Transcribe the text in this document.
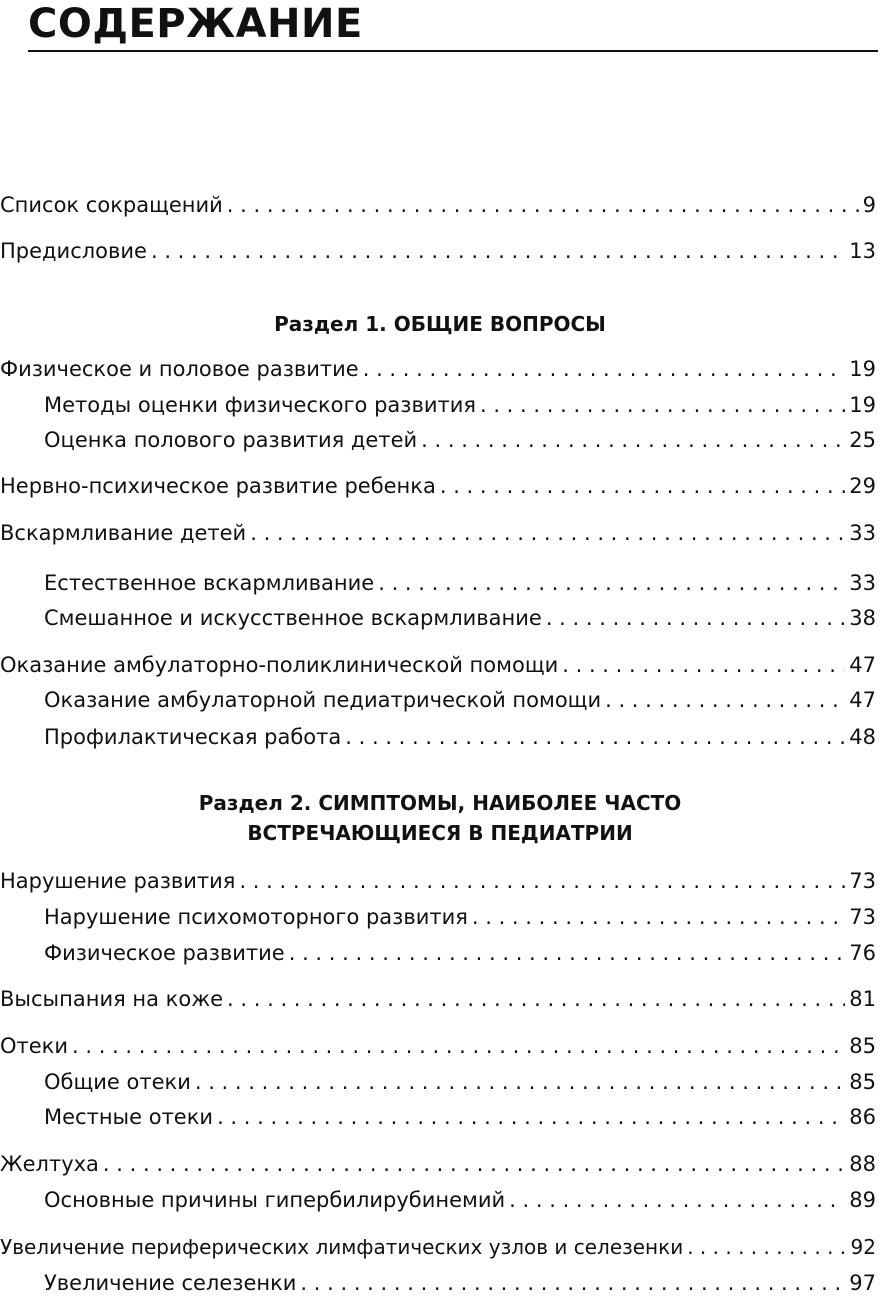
СОДЕРЖАНИЕ
Список сокращений . . .	9
Предисловие . . .	13
Раздел 1. ОБЩИЕ ВОПРОСЫ
Физическое и половое развитие . . .	19
Методы оценки физического развития . . .	19
Оценка полового развития детей . . .	25
Нервно-психическое развитие ребенка . . .	29
Вскармливание детей . . .	33
Естественное вскармливание . . .	33
Смешанное и искусственное вскармливание . . .	38
Оказание амбулаторно-поликлинической помощи . . .	47
Оказание амбулаторной педиатрической помощи . . .	47
Профилактическая работа . . .	48
Раздел 2. СИМПТОМЫ, НАИБОЛЕЕ ЧАСТО
ВСТРЕЧАЮЩИЕСЯ В ПЕДИАТРИИ
Нарушение развития . . .	73
Нарушение психомоторного развития . . .	73
Физическое развитие . . .	76
Высыпания на коже . . .	81
Отеки . . .	85
Общие отеки . . .	85
Местные отеки . . .	86
Желтуха . . .	88
Основные причины гипербилирубинемий . . .	89
Увеличение периферических лимфатических узлов и селезенки . . .	92
Увеличение селезенки . . .	97
